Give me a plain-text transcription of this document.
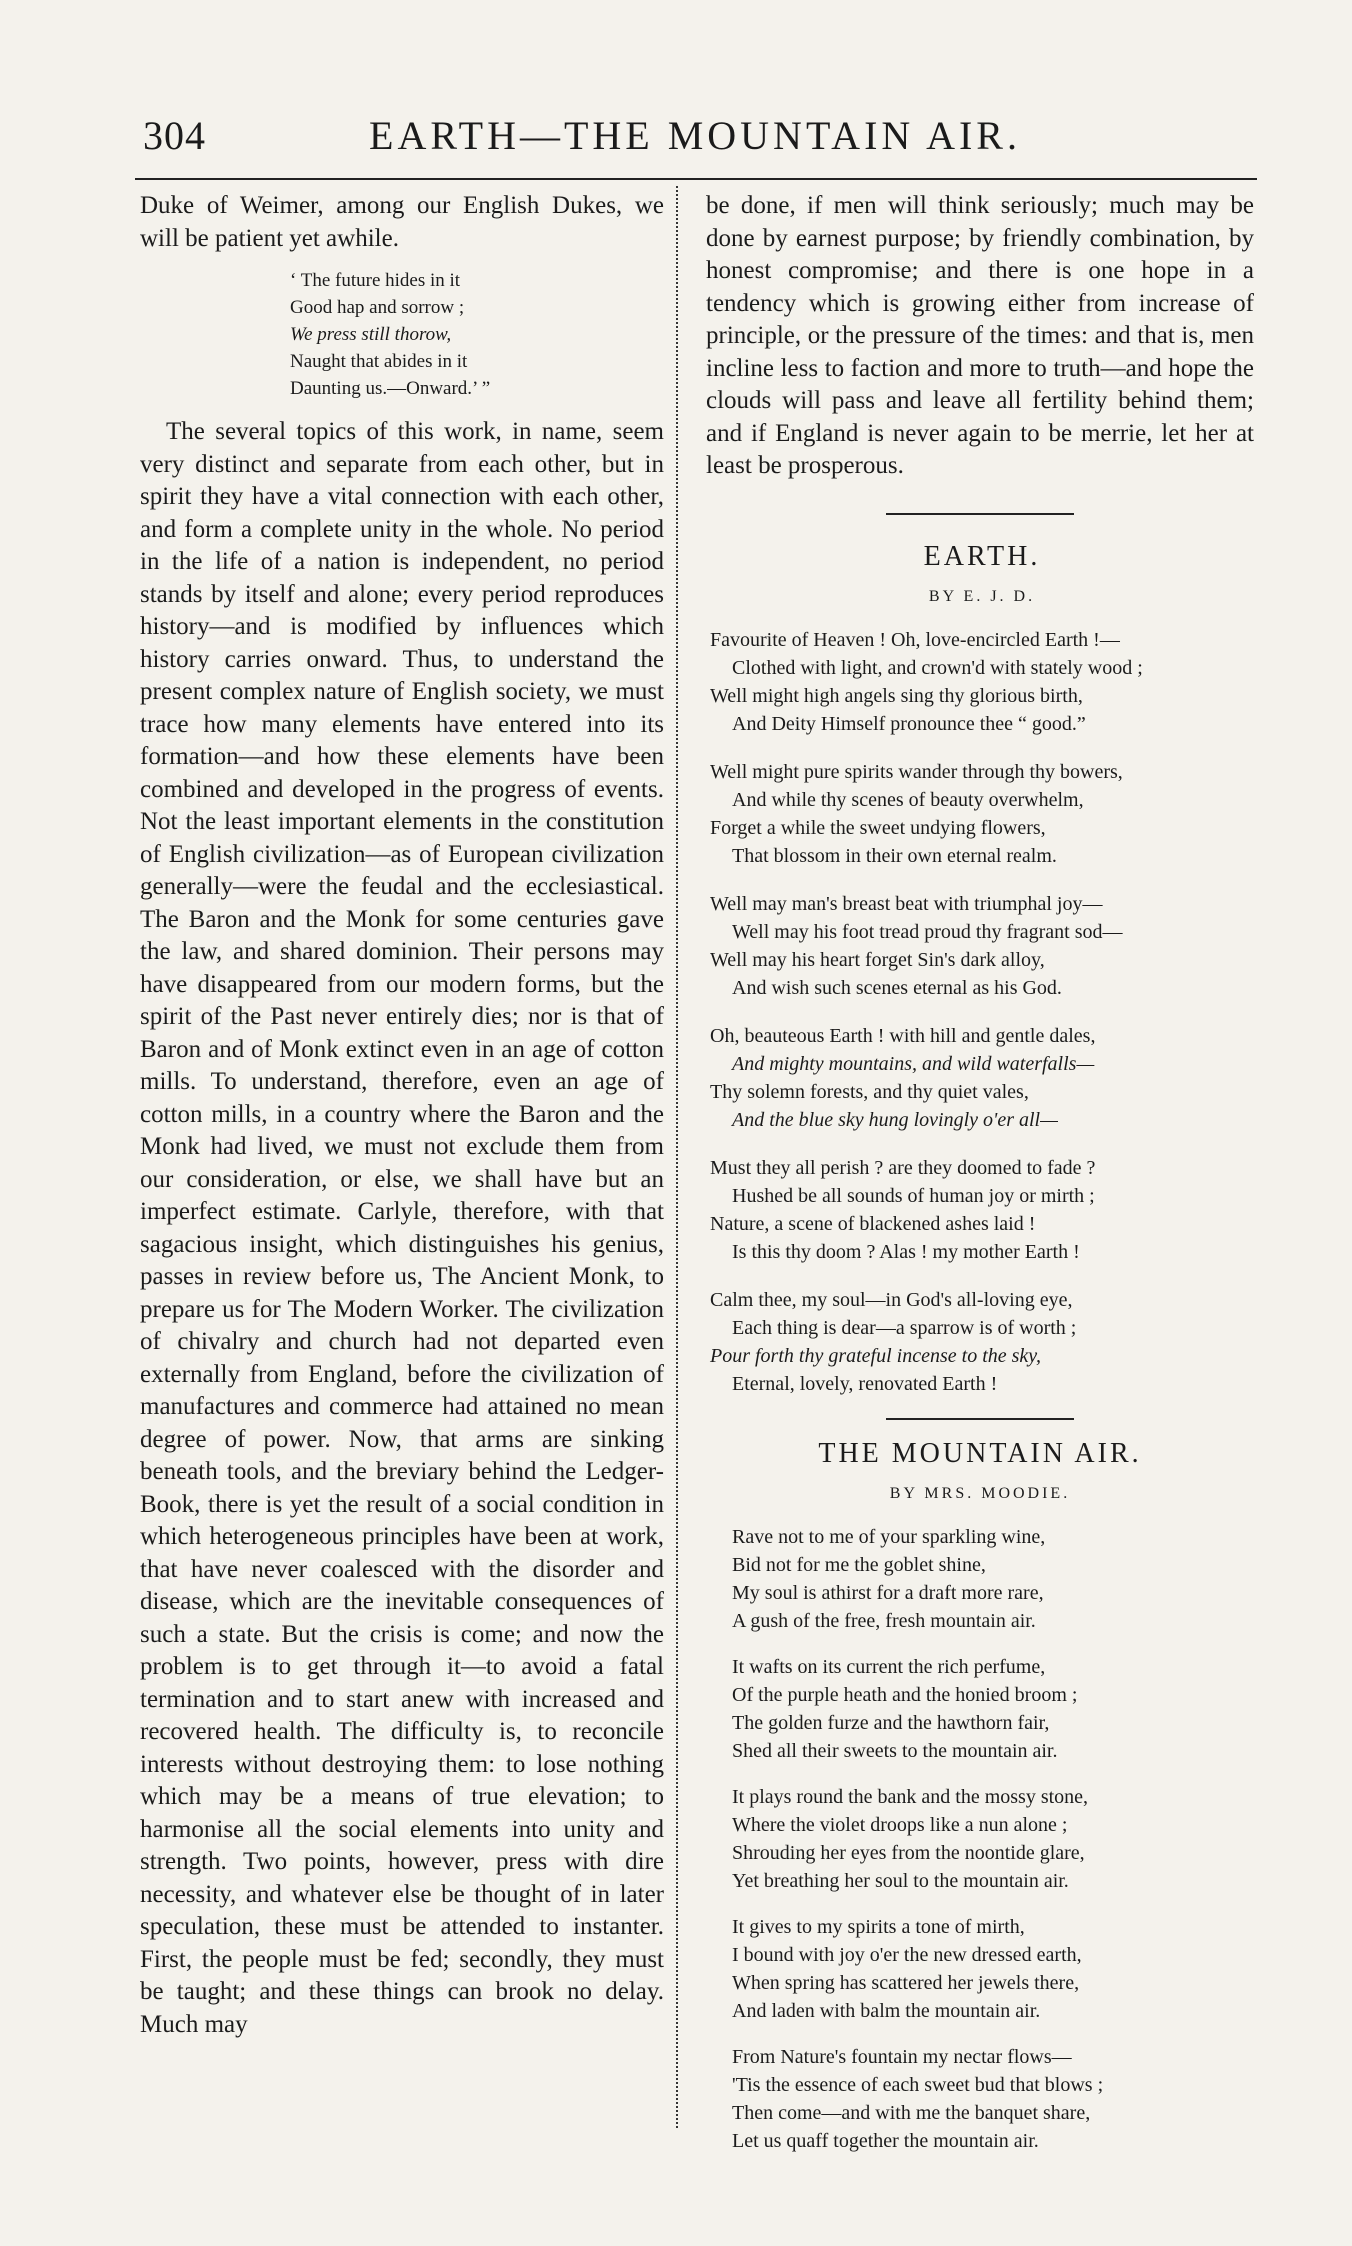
304	EARTH—THE MOUNTAIN AIR.

Duke of Weimer, among our English Dukes, we will be patient yet awhile.

‘ The future hides in it
Good hap and sorrow ;
We press still thorow,
Naught that abides in it
Daunting us.—Onward.’ ”

The several topics of this work, in name, seem very distinct and separate from each other, but in spirit they have a vital connection with each other, and form a complete unity in the whole. No period in the life of a nation is independent, no period stands by itself and alone; every period reproduces history—and is modified by influences which history carries onward. Thus, to understand the present complex nature of English society, we must trace how many elements have entered into its formation—and how these elements have been combined and developed in the progress of events. Not the least important elements in the constitution of English civilization—as of European civilization generally—were the feudal and the ecclesiastical. The Baron and the Monk for some centuries gave the law, and shared dominion. Their persons may have disappeared from our modern forms, but the spirit of the Past never entirely dies; nor is that of Baron and of Monk extinct even in an age of cotton mills. To understand, therefore, even an age of cotton mills, in a country where the Baron and the Monk had lived, we must not exclude them from our consideration, or else, we shall have but an imperfect estimate. Carlyle, therefore, with that sagacious insight, which distinguishes his genius, passes in review before us, The Ancient Monk, to prepare us for The Modern Worker. The civilization of chivalry and church had not departed even externally from England, before the civilization of manufactures and commerce had attained no mean degree of power. Now, that arms are sinking beneath tools, and the breviary behind the Ledger-Book, there is yet the result of a social condition in which heterogeneous principles have been at work, that have never coalesced with the disorder and disease, which are the inevitable consequences of such a state. But the crisis is come; and now the problem is to get through it—to avoid a fatal termination and to start anew with increased and recovered health. The difficulty is, to reconcile interests without destroying them: to lose nothing which may be a means of true elevation; to harmonise all the social elements into unity and strength. Two points, however, press with dire necessity, and whatever else be thought of in later speculation, these must be attended to instanter. First, the people must be fed; secondly, they must be taught; and these things can brook no delay. Much may

be done, if men will think seriously; much may be done by earnest purpose; by friendly combination, by honest compromise; and there is one hope in a tendency which is growing either from increase of principle, or the pressure of the times: and that is, men incline less to faction and more to truth—and hope the clouds will pass and leave all fertility behind them; and if England is never again to be merrie, let her at least be prosperous.

EARTH.

BY E. J. D.

Favourite of Heaven ! Oh, love-encircled Earth !—
Clothed with light, and crown'd with stately wood ;
Well might high angels sing thy glorious birth,
And Deity Himself pronounce thee “ good.”
Well might pure spirits wander through thy bowers,
And while thy scenes of beauty overwhelm,
Forget a while the sweet undying flowers,
That blossom in their own eternal realm.
Well may man's breast beat with triumphal joy—
Well may his foot tread proud thy fragrant sod—
Well may his heart forget Sin's dark alloy,
And wish such scenes eternal as his God.
Oh, beauteous Earth ! with hill and gentle dales,
And mighty mountains, and wild waterfalls—
Thy solemn forests, and thy quiet vales,
And the blue sky hung lovingly o'er all—
Must they all perish ? are they doomed to fade ?
Hushed be all sounds of human joy or mirth ;
Nature, a scene of blackened ashes laid !
Is this thy doom ? Alas ! my mother Earth !
Calm thee, my soul—in God's all-loving eye,
Each thing is dear—a sparrow is of worth ;
Pour forth thy grateful incense to the sky,
Eternal, lovely, renovated Earth !

THE MOUNTAIN AIR.

BY MRS. MOODIE.

Rave not to me of your sparkling wine,
Bid not for me the goblet shine,
My soul is athirst for a draft more rare,
A gush of the free, fresh mountain air.
It wafts on its current the rich perfume,
Of the purple heath and the honied broom ;
The golden furze and the hawthorn fair,
Shed all their sweets to the mountain air.
It plays round the bank and the mossy stone,
Where the violet droops like a nun alone ;
Shrouding her eyes from the noontide glare,
Yet breathing her soul to the mountain air.
It gives to my spirits a tone of mirth,
I bound with joy o'er the new dressed earth,
When spring has scattered her jewels there,
And laden with balm the mountain air.
From Nature's fountain my nectar flows—
'Tis the essence of each sweet bud that blows ;
Then come—and with me the banquet share,
Let us quaff together the mountain air.
